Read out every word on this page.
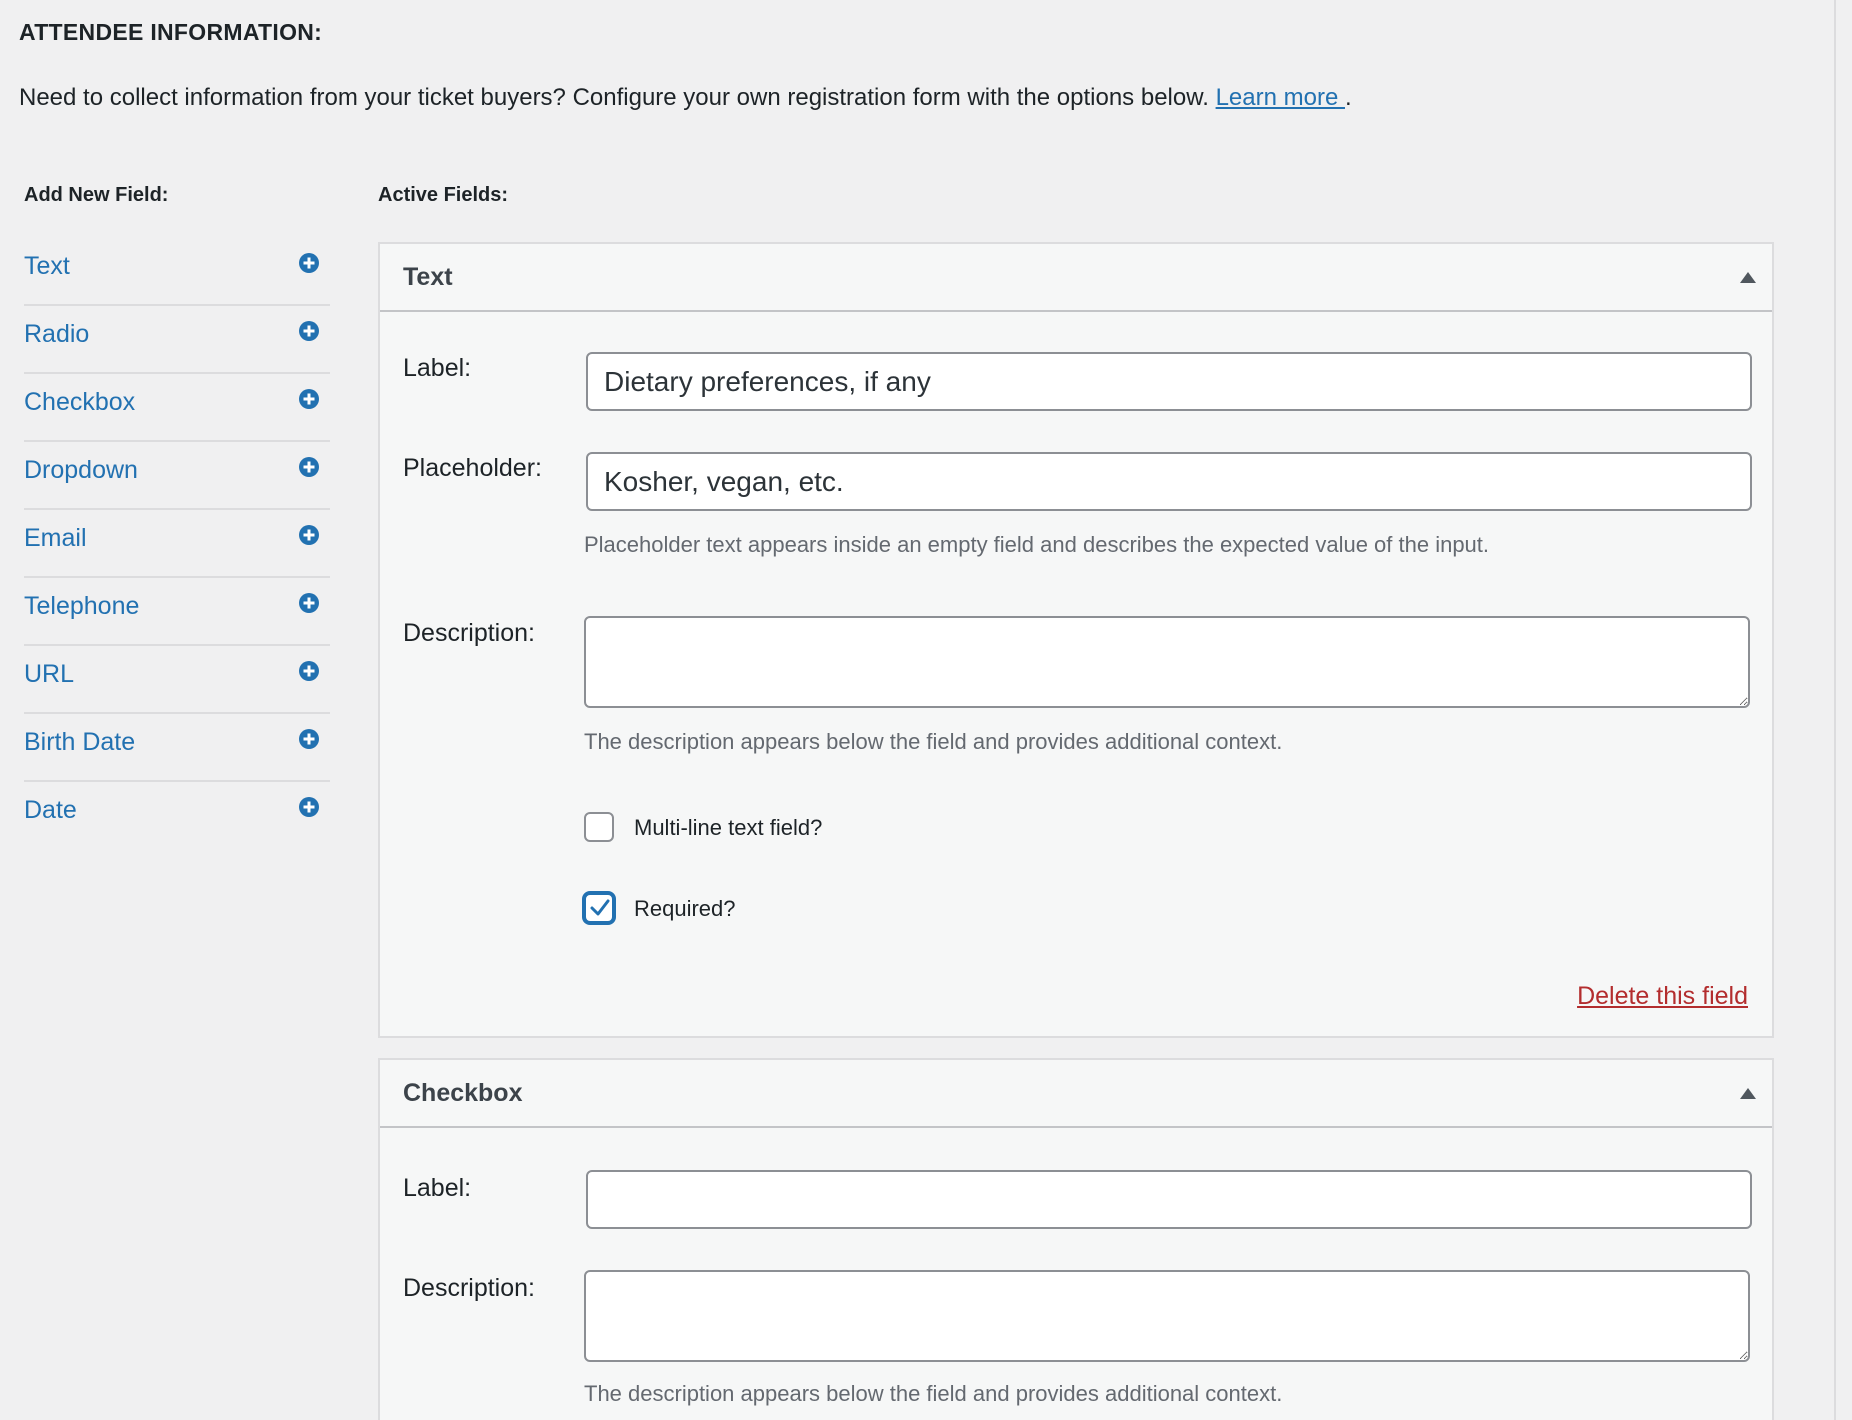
ATTENDEE INFORMATION:

Need to collect information from your ticket buyers? Configure your own registration form with the options below. Learn more .

Add New Field:	Active Fields:
Text
Radio
Checkbox
Dropdown
Email
Telephone
URL
Birth Date
Date
Text
Label:
Dietary preferences, if any
Placeholder:
Kosher, vegan, etc.
Placeholder text appears inside an empty field and describes the expected value of the input.
Description:
The description appears below the field and provides additional context.
Multi-line text field?
Required?
Delete this field
Checkbox
Label:
Description:
The description appears below the field and provides additional context.
